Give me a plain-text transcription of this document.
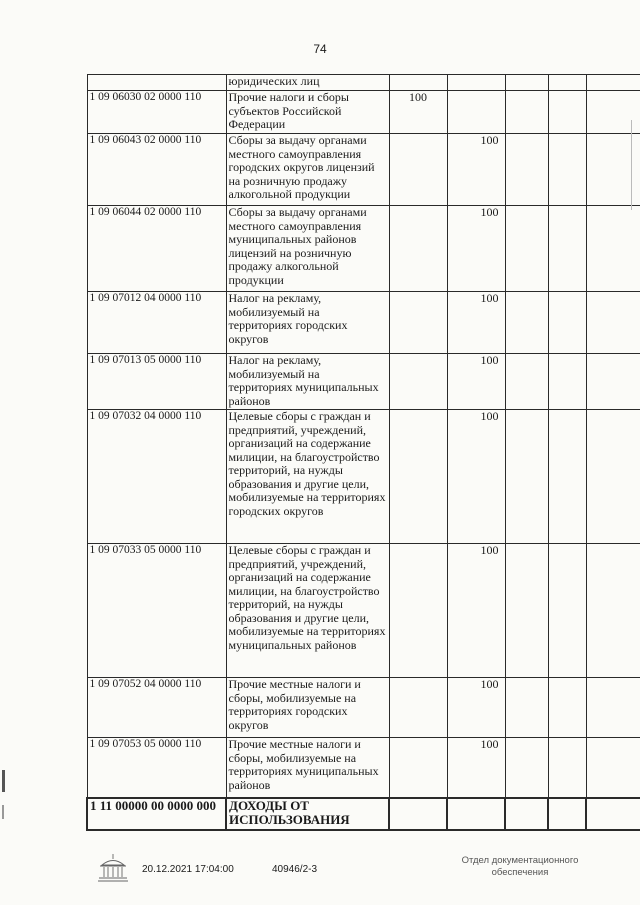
74
	юридических лиц					
1 09 06030 02 0000 110	Прочие налоги и сборы субъектов Российской Федерации	100				
1 09 06043 02 0000 110	Сборы за выдачу органами местного самоуправления городских округов лицензий на розничную продажу алкогольной продукции		100			
1 09 06044 02 0000 110	Сборы за выдачу органами местного самоуправления муниципальных районов лицензий на розничную продажу алкогольной продукции		100			
1 09 07012 04 0000 110	Налог на рекламу, мобилизуемый на территориях городских округов		100			
1 09 07013 05 0000 110	Налог на рекламу, мобилизуемый на территориях муниципальных районов		100			
1 09 07032 04 0000 110	Целевые сборы с граждан и предприятий, учреждений, организаций на содержание милиции, на благоустройство территорий, на нужды образования и другие цели, мобилизуемые на территориях городских округов		100			
1 09 07033 05 0000 110	Целевые сборы с граждан и предприятий, учреждений, организаций на содержание милиции, на благоустройство территорий, на нужды образования и другие цели, мобилизуемые на территориях муниципальных районов		100			
1 09 07052 04 0000 110	Прочие местные налоги и сборы, мобилизуемые на территориях городских округов		100			
1 09 07053 05 0000 110	Прочие местные налоги и сборы, мобилизуемые на территориях муниципальных районов		100			
1 11 00000 00 0000 000	ДОХОДЫ ОТ ИСПОЛЬЗОВАНИЯ					
20.12.2021 17:04:00	40946/2-3
Отдел документационного
обеспечения
